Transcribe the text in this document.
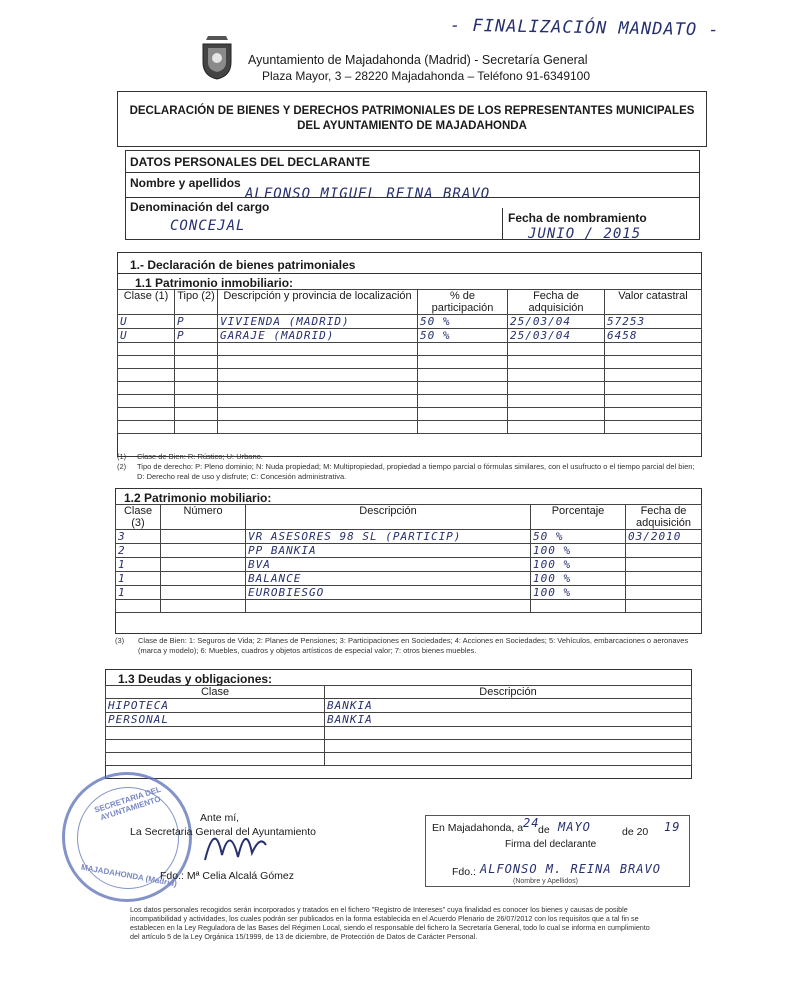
- FINALIZACIÓN MANDATO -
Ayuntamiento de Majadahonda (Madrid) - Secretaría General
Plaza Mayor, 3 – 28220 Majadahonda – Teléfono 91-6349100
DECLARACIÓN DE BIENES Y DERECHOS PATRIMONIALES DE LOS REPRESENTANTES MUNICIPALES
DEL AYUNTAMIENTO DE MAJADAHONDA
DATOS PERSONALES DEL DECLARANTE
Nombre y apellidos
ALFONSO MIGUEL REINA BRAVO
Denominación del cargo
CONCEJAL	Fecha de nombramiento
JUNIO / 2015
1.- Declaración de bienes patrimoniales
1.1 Patrimonio inmobiliario:
Clase (1)	Tipo (2)	Descripción y provincia de localización	% de participación	Fecha de adquisición	Valor catastral
U	P	VIVIENDA (MADRID)	50 %	25/03/04	57253
U	P	GARAJE (MADRID)	50 %	25/03/04	6458

(1) Clase de Bien: R: Rústico; U: Urbano.
(2) Tipo de derecho: P: Pleno dominio; N: Nuda propiedad; M: Multipropiedad, propiedad a tiempo parcial o fórmulas similares, con el usufructo o el tiempo parcial del bien; D: Derecho real de uso y disfrute; C: Concesión administrativa.
1.2 Patrimonio mobiliario:
Clase (3)	Número	Descripción	Porcentaje	Fecha de adquisición
3		VR ASESORES 98 SL (PARTICIP)	50 %	03/2010
2		PP BANKIA	100 %	
1		BVA	100 %	
1		BALANCE	100 %	
1		EUROBIESGO	100 %	

(3) Clase de Bien: 1: Seguros de Vida; 2: Planes de Pensiones; 3: Participaciones en Sociedades; 4: Acciones en Sociedades; 5: Vehículos, embarcaciones o aeronaves (marca y modelo); 6: Muebles, cuadros y objetos artísticos de especial valor; 7: otros bienes muebles.
1.3 Deudas y obligaciones:
Clase	Descripción
HIPOTECA	BANKIA
PERSONAL	BANKIA

SECRETARIA DEL AYUNTAMIENTO
MAJADAHONDA (Madrid)
Ante mí,
La Secretaria General del Ayuntamiento
Fdo.: Mª Celia Alcalá Gómez
En Majadahonda, a 24
de MAYO	de 20 19
Firma del declarante
Fdo.: ALFONSO M. REINA BRAVO
(Nombre y Apellidos)
Los datos personales recogidos serán incorporados y tratados en el fichero "Registro de Intereses" cuya finalidad es conocer los bienes y causas de posible incompatibilidad y actividades, los cuales podrán ser publicados en la forma establecida en el Acuerdo Plenario de 26/07/2012 con los requisitos que a tal fin se establecen en la Ley Reguladora de las Bases del Régimen Local, siendo el responsable del fichero la Secretaría General, todo lo cual se informa en cumplimiento del artículo 5 de la Ley Orgánica 15/1999, de 13 de diciembre, de Protección de Datos de Carácter Personal.
